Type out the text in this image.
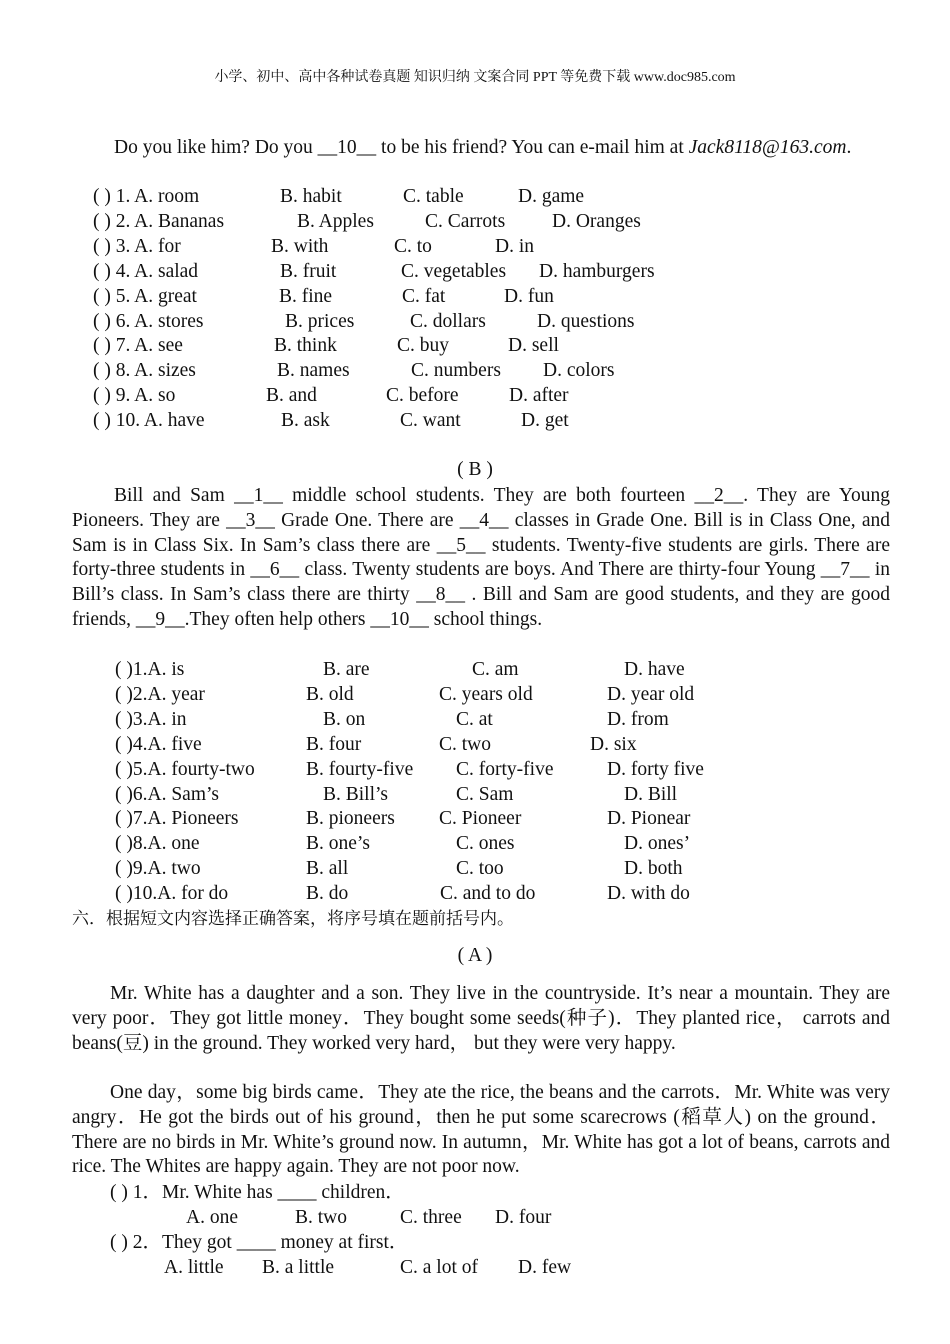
小学、初中、高中各种试卷真题 知识归纳 文案合同 PPT 等免费下载 www.doc985.com
Do you like him? Do you __10__ to be his friend? You can e-mail him at Jack8118@163.com.
( ) 1. A. room	B. habit	C. table	D. game
( ) 2. A. Bananas	B. Apples	C. Carrots D. Oranges
( ) 3. A. for	B. with	C. to	D. in
( ) 4. A. salad	B. fruit	C. vegetables D. hamburgers
( ) 5. A. great	B. fine	C. fat	D. fun
( ) 6. A. stores	B. prices	C. dollars	D. questions
( ) 7. A. see	B. think	C. buy	D. sell
( ) 8. A. sizes	B. names	C. numbers D. colors
( ) 9. A. so	B. and	C. before	D. after
( ) 10. A. have	B. ask	C. want	D. get
( B )
Bill and Sam __1__ middle school students. They are both fourteen __2__. They are Young Pioneers. They are __3__ Grade One. There are __4__ classes in Grade One. Bill is in Class One, and Sam is in Class Six. In Sam’s class there are __5__ students. Twenty-five students are girls. There are forty-three students in __6__ class. Twenty students are boys. And There are thirty-four Young __7__ in Bill’s class. In Sam’s class there are thirty __8__ . Bill and Sam are good students, and they are good friends, __9__.They often help others __10__ school things.
( )1.A. is	B. are	C. am	D. have
( )2.A. year	B. old	C. years old	D. year old
( )3.A. in	B. on	C. at	D. from
( )4.A. five	B. four	C. two	D. six
( )5.A. fourty-two	B. fourty-five C. forty-five	D. forty five
( )6.A. Sam’s	B. Bill’s	C. Sam	D. Bill
( )7.A. Pioneers	B. pioneers C. Pioneer	D. Pionear
( )8.A. one	B. one’s	C. ones	D. ones’
( )9.A. two	B. all	C. too	D. both
( )10.A. for do	B. do	C. and to do	D. with do
六．根据短文内容选择正确答案，将序号填在题前括号内。
( A )
Mr. White has a daughter and a son. They live in the countryside. It’s near a mountain. They are very poor．They got little money．They bought some seeds(种子)．They planted rice， carrots and beans(豆) in the ground. They worked very hard， but they were very happy.
One day，some big birds came．They ate the rice, the beans and the carrots．Mr. White was very angry．He got the birds out of his ground，then he put some scarecrows (稻草人) on the ground．There are no birds in Mr. White’s ground now. In autumn，Mr. White has got a lot of beans, carrots and rice. The Whites are happy again. They are not poor now.
( ) 1．Mr. White has ____ children．
A. one	B. two	C. three D. four
( ) 2．They got ____ money at first．
A. little B. a little	C. a lot of D. few
